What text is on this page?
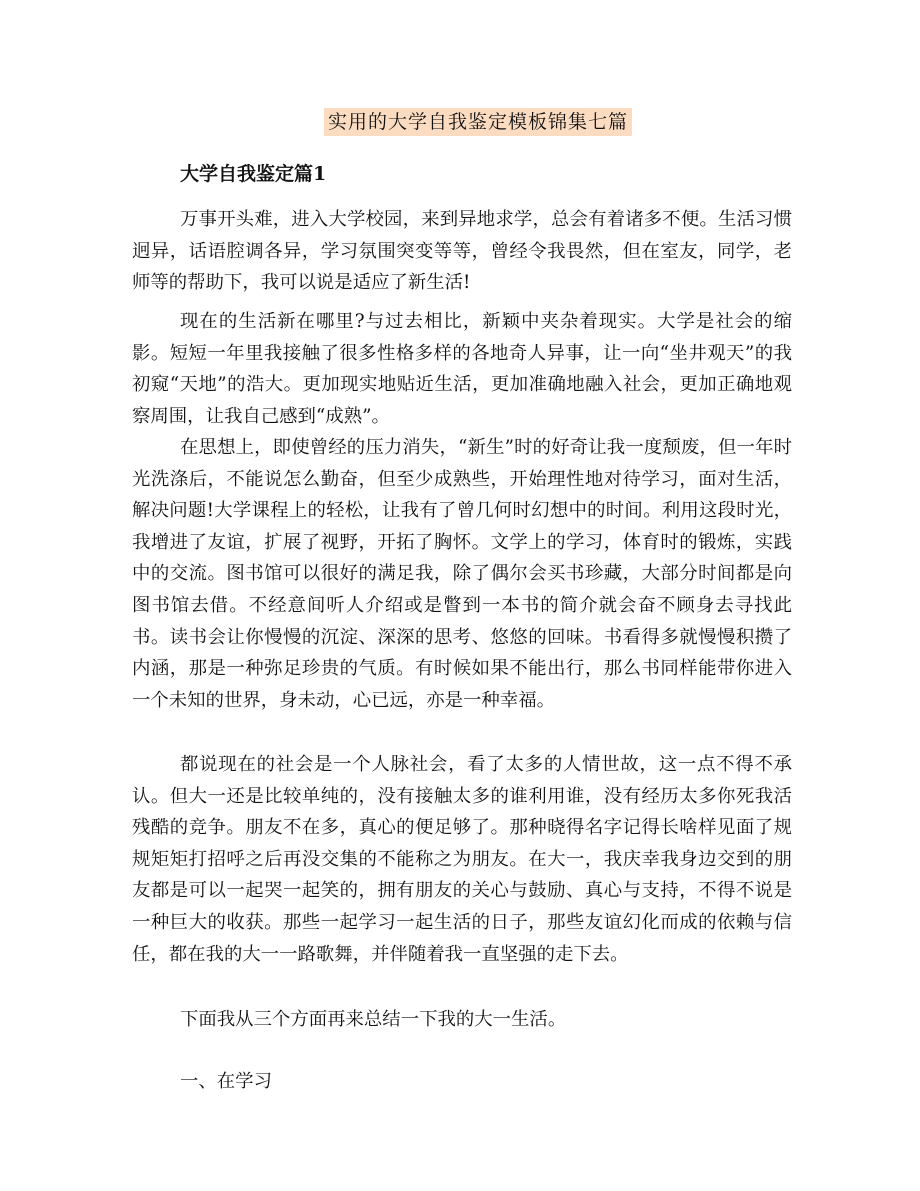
实用的大学自我鉴定模板锦集七篇
大学自我鉴定篇1

万事开头难，进入大学校园，来到异地求学，总会有着诸多不便。生活习惯迥异，话语腔调各异，学习氛围突变等等，曾经令我畏然，但在室友，同学，老师等的帮助下，我可以说是适应了新生活!

现在的生活新在哪里?与过去相比，新颖中夹杂着现实。大学是社会的缩影。短短一年里我接触了很多性格多样的各地奇人异事，让一向“坐井观天”的我初窥“天地”的浩大。更加现实地贴近生活，更加准确地融入社会，更加正确地观察周围，让我自己感到“成熟”。

在思想上，即使曾经的压力消失，“新生”时的好奇让我一度颓废，但一年时光洗涤后，不能说怎么勤奋，但至少成熟些，开始理性地对待学习，面对生活，解决问题!大学课程上的轻松，让我有了曾几何时幻想中的时间。利用这段时光，我增进了友谊，扩展了视野，开拓了胸怀。文学上的学习，体育时的锻炼，实践中的交流。图书馆可以很好的满足我，除了偶尔会买书珍藏，大部分时间都是向图书馆去借。不经意间听人介绍或是瞥到一本书的简介就会奋不顾身去寻找此书。读书会让你慢慢的沉淀、深深的思考、悠悠的回味。书看得多就慢慢积攒了内涵，那是一种弥足珍贵的气质。有时候如果不能出行，那么书同样能带你进入一个未知的世界，身未动，心已远，亦是一种幸福。

都说现在的社会是一个人脉社会，看了太多的人情世故，这一点不得不承认。但大一还是比较单纯的，没有接触太多的谁利用谁，没有经历太多你死我活残酷的竞争。朋友不在多，真心的便足够了。那种晓得名字记得长啥样见面了规规矩矩打招呼之后再没交集的不能称之为朋友。在大一，我庆幸我身边交到的朋友都是可以一起哭一起笑的，拥有朋友的关心与鼓励、真心与支持，不得不说是一种巨大的收获。那些一起学习一起生活的日子，那些友谊幻化而成的依赖与信任，都在我的大一一路歌舞，并伴随着我一直坚强的走下去。

下面我从三个方面再来总结一下我的大一生活。
一、在学习
